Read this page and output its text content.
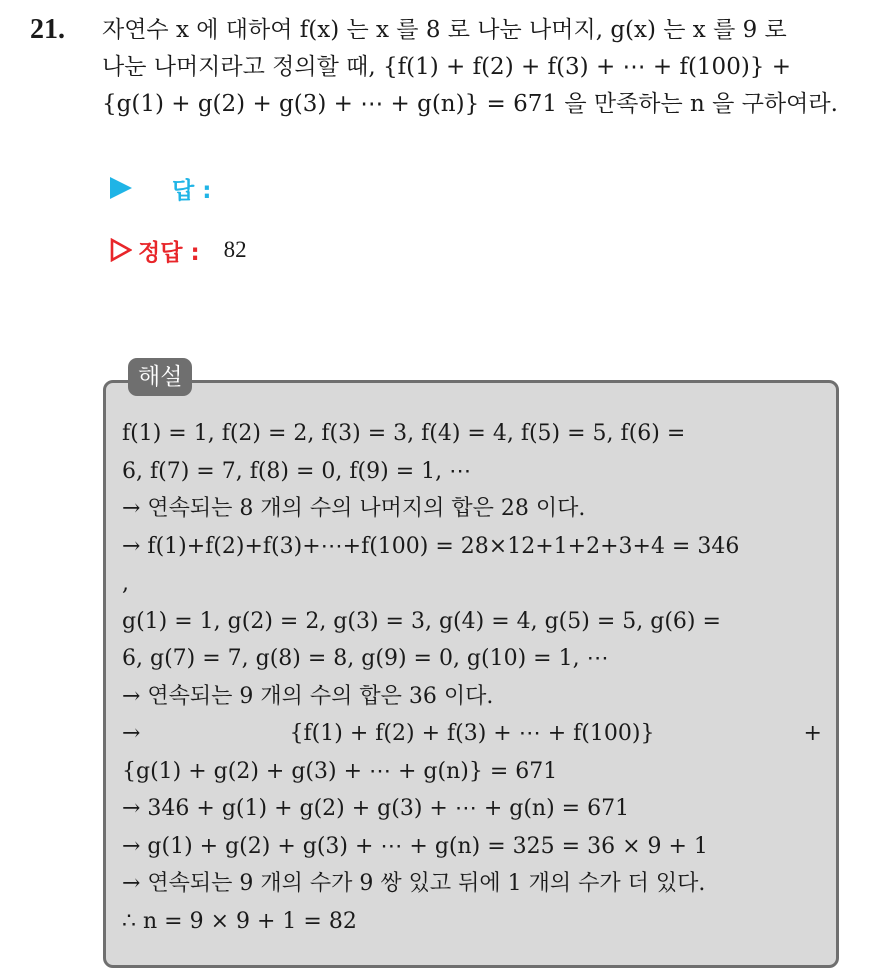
21. 자연수 x 에 대하여 f(x) 는 x 를 8 로 나눈 나머지, g(x) 는 x 를 9 로
나눈 나머지라고 정의할 때, {f(1) + f(2) + f(3) + ⋯ + f(100)} +
{g(1) + g(2) + g(3) + ⋯ + g(n)} = 671 을 만족하는 n 을 구하여라.
답 :
정답 : 82
해설
f(1) = 1, f(2) = 2, f(3) = 3, f(4) = 4, f(5) = 5, f(6) =
6, f(7) = 7, f(8) = 0, f(9) = 1, ⋯
→ 연속되는 8 개의 수의 나머지의 합은 28 이다.
→ f(1)+f(2)+f(3)+⋯+f(100) = 28×12+1+2+3+4 = 346
,
g(1) = 1, g(2) = 2, g(3) = 3, g(4) = 4, g(5) = 5, g(6) =
6, g(7) = 7, g(8) = 8, g(9) = 0, g(10) = 1, ⋯
→ 연속되는 9 개의 수의 합은 36 이다.
→	{f(1) + f(2) + f(3) + ⋯ + f(100)}	+
{g(1) + g(2) + g(3) + ⋯ + g(n)} = 671
→ 346 + g(1) + g(2) + g(3) + ⋯ + g(n) = 671
→ g(1) + g(2) + g(3) + ⋯ + g(n) = 325 = 36 × 9 + 1
→ 연속되는 9 개의 수가 9 쌍 있고 뒤에 1 개의 수가 더 있다.
∴ n = 9 × 9 + 1 = 82
